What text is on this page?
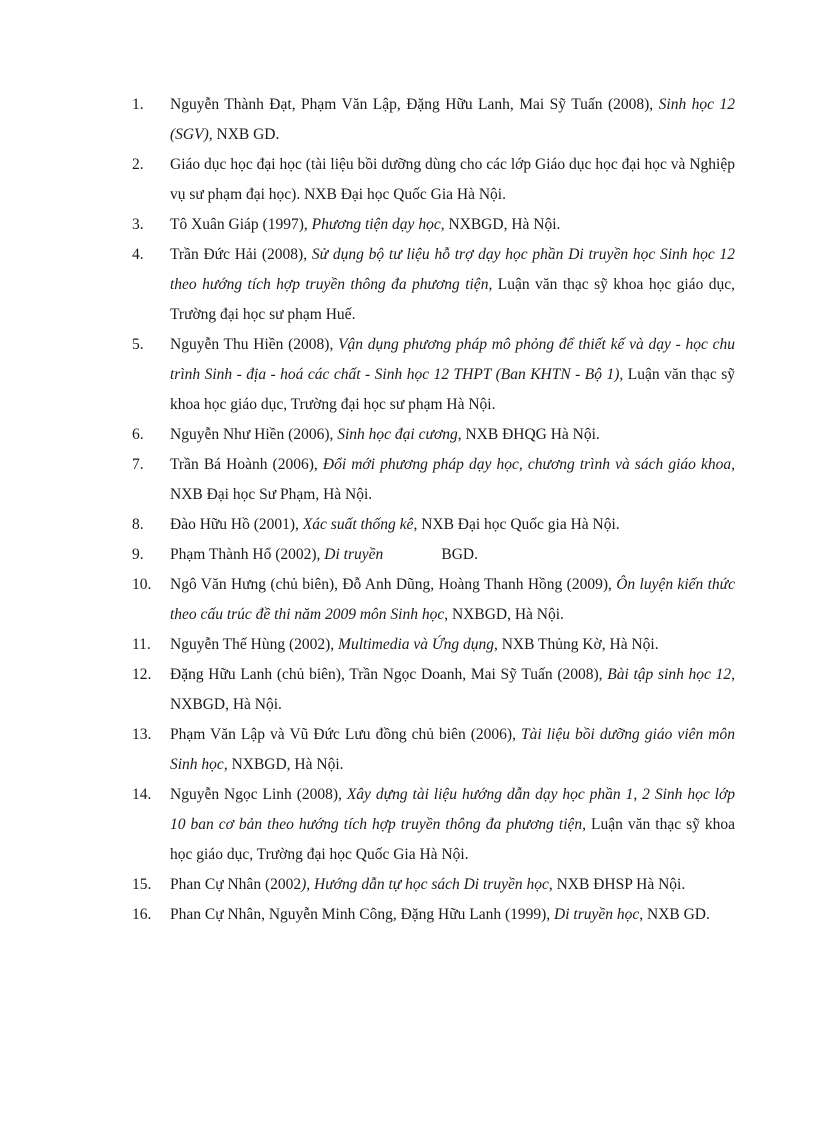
1.	Nguyễn Thành Đạt, Phạm Văn Lập, Đặng Hữu Lanh, Mai Sỹ Tuấn (2008), Sinh học 12 (SGV), NXB GD.
2.	Giáo dục học đại học (tài liệu bồi dưỡng dùng cho các lớp Giáo dục học đại học và Nghiệp vụ sư phạm đại học). NXB Đại học Quốc Gia Hà Nội.
3.	Tô Xuân Giáp (1997), Phương tiện dạy học, NXBGD, Hà Nội.
4.	Trần Đức Hải (2008), Sử dụng bộ tư liệu hỗ trợ dạy học phần Di truyền học Sinh học 12 theo hướng tích hợp truyền thông đa phương tiện, Luận văn thạc sỹ khoa học giáo dục, Trường đại học sư phạm Huế.
5.	Nguyễn Thu Hiền (2008), Vận dụng phương pháp mô phỏng để thiết kế và dạy - học chu trình Sinh - địa - hoá các chất - Sinh học 12 THPT (Ban KHTN - Bộ 1), Luận văn thạc sỹ khoa học giáo dục, Trường đại học sư phạm Hà Nội.
6.	Nguyễn Như Hiền (2006), Sinh học đại cương, NXB ĐHQG Hà Nội.
7.	Trần Bá Hoành (2006), Đổi mới phương pháp dạy học, chương trình và sách giáo khoa, NXB Đại học Sư Phạm, Hà Nội.
8.	Đào Hữu Hồ (2001), Xác suất thống kê, NXB Đại học Quốc gia Hà Nội.
9.	Phạm Thành Hổ (2002), Di truyền               BGD.
10.	Ngô Văn Hưng (chủ biên), Đỗ Anh Dũng, Hoàng Thanh Hồng (2009), Ôn luyện kiến thức theo cấu trúc đề thi năm 2009 môn Sinh học, NXBGD, Hà Nội.
11.	Nguyễn Thế Hùng (2002), Multimedia và Ứng dụng, NXB Thủng Kờ, Hà Nội.
12.	Đặng Hữu Lanh (chủ biên), Trần Ngọc Doanh, Mai Sỹ Tuấn (2008), Bài tập sinh học 12, NXBGD, Hà Nội.
13.	Phạm Văn Lập và Vũ Đức Lưu đồng chủ biên (2006), Tài liệu bồi dưỡng giáo viên môn Sinh học, NXBGD, Hà Nội.
14.	Nguyễn Ngọc Linh (2008), Xây dựng tài liệu hướng dẫn dạy học phần 1, 2 Sinh học lớp 10 ban cơ bản theo hướng tích hợp truyền thông đa phương tiện, Luận văn thạc sỹ khoa học giáo dục, Trường đại học Quốc Gia Hà Nội.
15.	Phan Cự Nhân (2002), Hướng dẫn tự học sách Di truyền học, NXB ĐHSP Hà Nội.
16.	Phan Cự Nhân, Nguyễn Minh Công, Đặng Hữu Lanh (1999), Di truyền học, NXB GD.
